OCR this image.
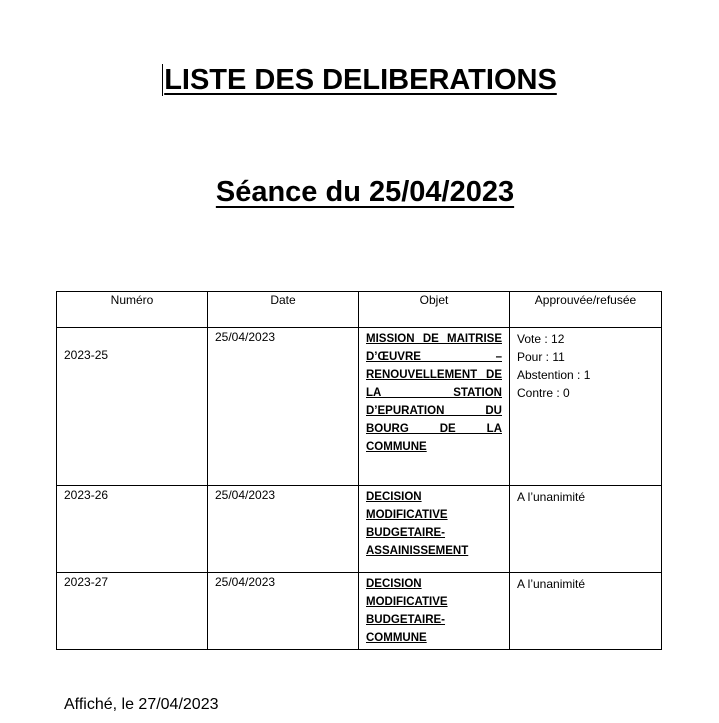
LISTE DES DELIBERATIONS
Séance du 25/04/2023
Numéro	Date	Objet	Approuvée/refusée
2023-25	25/04/2023	MISSION DE MAITRISE D’ŒUVRE – RENOUVELLEMENT DE LA STATION D’EPURATION DU BOURG DE LA COMMUNE	Vote : 12
Pour : 11
Abstention : 1
Contre : 0

2023-26	25/04/2023	DECISION MODIFICATIVE BUDGETAIRE-ASSAINISSEMENT	A l’unanimité

2023-27	25/04/2023	DECISION MODIFICATIVE BUDGETAIRE-COMMUNE	A l’unanimité

Affiché, le 27/04/2023
